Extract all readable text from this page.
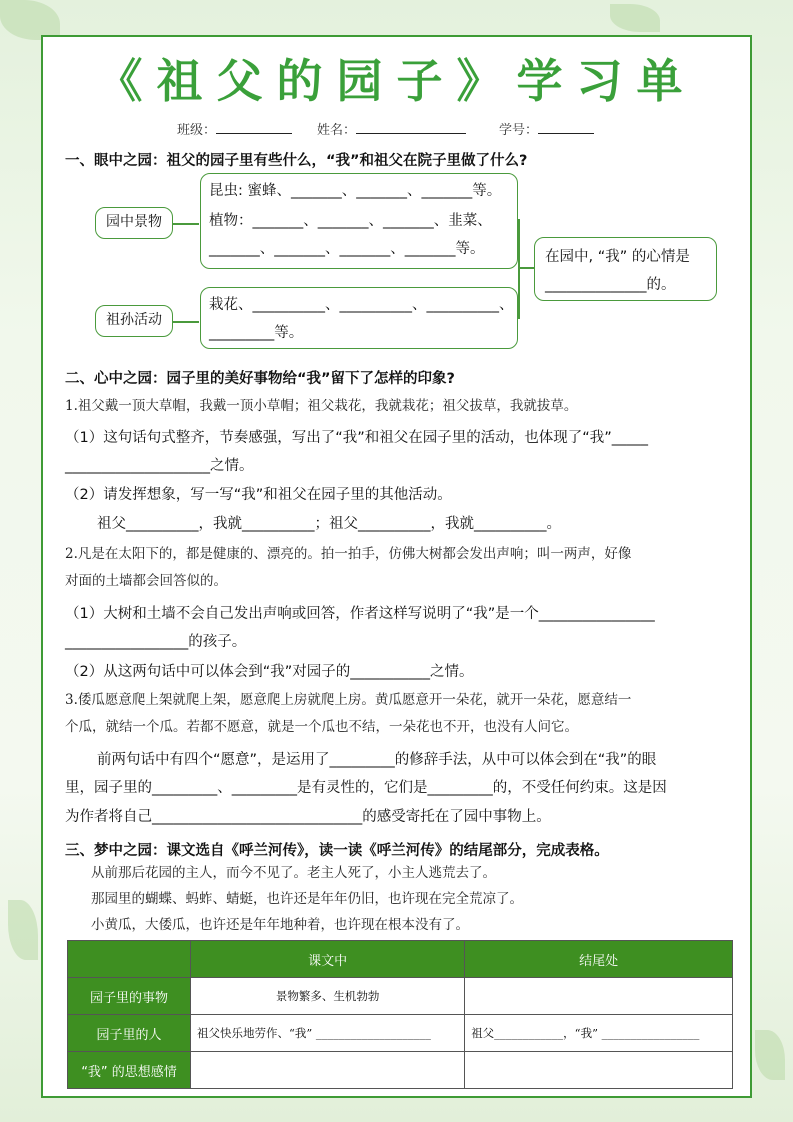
《祖父的园子》学习单
班级：	姓名：	学号：
一、眼中之园：祖父的园子里有些什么，“我”和祖父在院子里做了什么?
园中景物
祖孙活动
昆虫: 蜜蜂、_______、_______、_______等。
植物：_______、_______、_______、韭菜、
_______、_______、_______、_______等。
栽花、__________、__________、__________、
_________等。
在园中, “我” 的心情是
______________的。
二、心中之园：园子里的美好事物给“我”留下了怎样的印象?
1.祖父戴一顶大草帽，我戴一顶小草帽；祖父栽花，我就栽花；祖父拔草，我就拔草。
（1）这句话句式整齐，节奏感强，写出了“我”和祖父在园子里的活动，也体现了“我”_____
____________________之情。
（2）请发挥想象，写一写“我”和祖父在园子里的其他活动。
祖父__________，我就__________；祖父__________，我就__________。
2.凡是在太阳下的，都是健康的、漂亮的。拍一拍手，仿佛大树都会发出声响；叫一两声，好像
对面的土墙都会回答似的。
（1）大树和土墙不会自己发出声响或回答，作者这样写说明了“我”是一个________________
_________________的孩子。
（2）从这两句话中可以体会到“我”对园子的___________之情。
3.倭瓜愿意爬上架就爬上架，愿意爬上房就爬上房。黄瓜愿意开一朵花，就开一朵花，愿意结一
个瓜，就结一个瓜。若都不愿意，就是一个瓜也不结，一朵花也不开，也没有人问它。
前两句话中有四个“愿意”，是运用了_________的修辞手法，从中可以体会到在“我”的眼
里，园子里的_________、_________是有灵性的，它们是_________的，不受任何约束。这是因
为作者将自己_____________________________的感受寄托在了园中事物上。
三、梦中之园：课文选自《呼兰河传》，读一读《呼兰河传》的结尾部分，完成表格。
从前那后花园的主人，而今不见了。老主人死了，小主人逃荒去了。
那园里的蝴蝶、蚂蚱、蜻蜓，也许还是年年仍旧，也许现在完全荒凉了。
小黄瓜，大倭瓜，也许还是年年地种着，也许现在根本没有了。
	课文中	结尾处
园子里的事物	景物繁多、生机勃勃	
园子里的人	祖父快乐地劳作、“我” ____________________	祖父____________，“我” _________________
“我” 的思想感情		
